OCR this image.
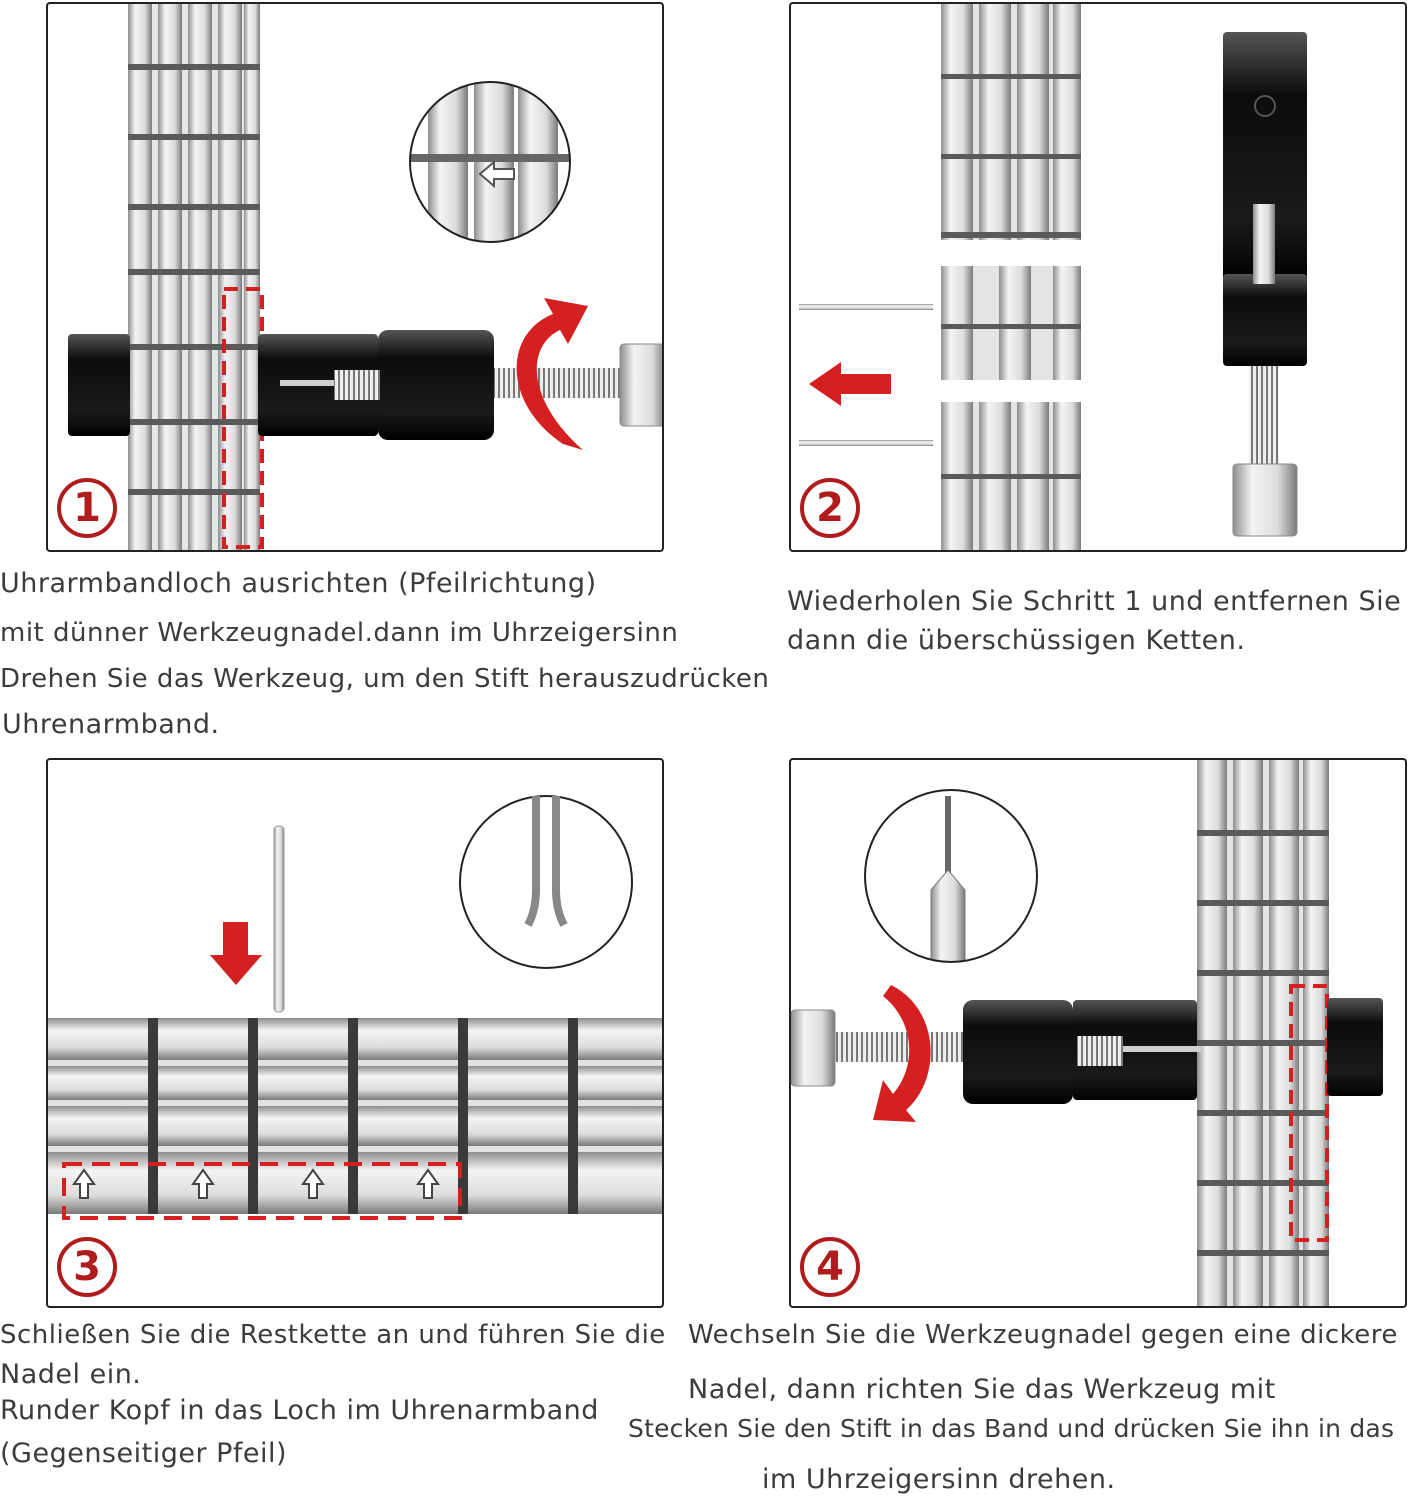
1	2
3	4
Uhrarmbandloch ausrichten (Pfeilrichtung)
mit dünner Werkzeugnadel.dann im Uhrzeigersinn
Drehen Sie das Werkzeug, um den Stift herauszudrücken
Uhrenarmband.
Wiederholen Sie Schritt 1 und entfernen Sie
dann die überschüssigen Ketten.
Schließen Sie die Restkette an und führen Sie die
Nadel ein.
Runder Kopf in das Loch im Uhrenarmband
(Gegenseitiger Pfeil)
Wechseln Sie die Werkzeugnadel gegen eine dickere
Nadel, dann richten Sie das Werkzeug mit
Stecken Sie den Stift in das Band und drücken Sie ihn in das
im Uhrzeigersinn drehen.
